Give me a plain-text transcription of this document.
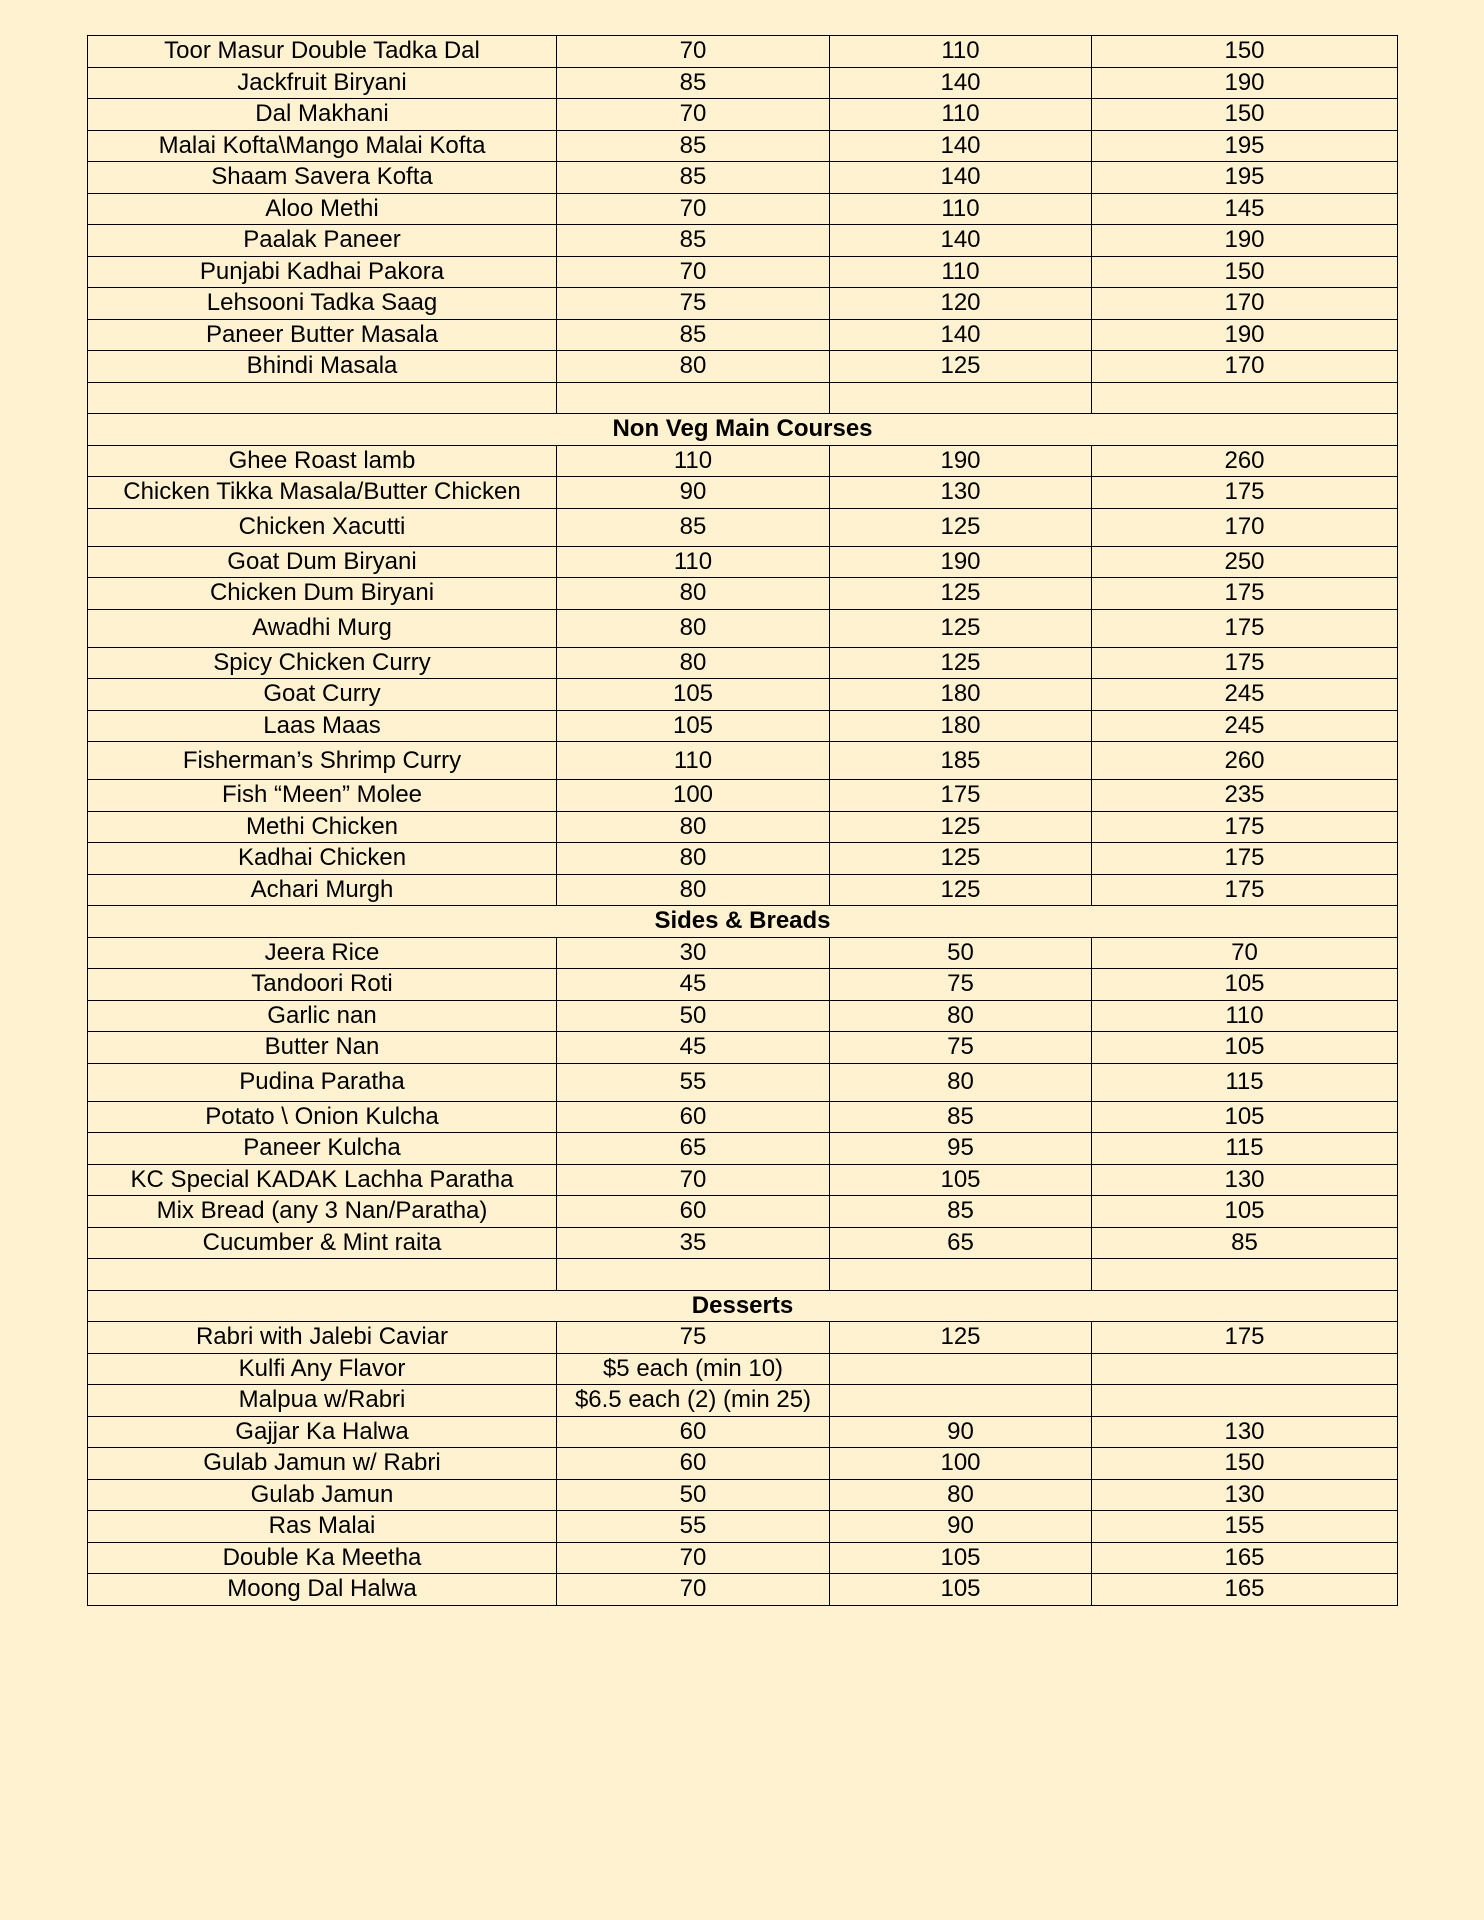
Toor Masur Double Tadka Dal	70	110	150
Jackfruit Biryani	85	140	190
Dal Makhani	70	110	150
Malai Kofta\Mango Malai Kofta	85	140	195
Shaam Savera Kofta	85	140	195
Aloo Methi	70	110	145
Paalak Paneer	85	140	190
Punjabi Kadhai Pakora	70	110	150
Lehsooni Tadka Saag	75	120	170
Paneer Butter Masala	85	140	190
Bhindi Masala	80	125	170

Non Veg Main Courses			
Ghee Roast lamb	110	190	260
Chicken Tikka Masala/Butter Chicken	90	130	175
Chicken Xacutti	85	125	170
Goat Dum Biryani	110	190	250
Chicken Dum Biryani	80	125	175
Awadhi Murg	80	125	175
Spicy Chicken Curry	80	125	175
Goat Curry	105	180	245
Laas Maas	105	180	245
Fisherman’s Shrimp Curry	110	185	260
Fish “Meen” Molee	100	175	235
Methi Chicken	80	125	175
Kadhai Chicken	80	125	175
Achari Murgh	80	125	175
Sides & Breads			
Jeera Rice	30	50	70
Tandoori Roti	45	75	105
Garlic nan	50	80	110
Butter Nan	45	75	105
Pudina Paratha	55	80	115
Potato \ Onion Kulcha	60	85	105
Paneer Kulcha	65	95	115
KC Special KADAK Lachha Paratha	70	105	130
Mix Bread (any 3 Nan/Paratha)	60	85	105
Cucumber & Mint raita	35	65	85

Desserts			
Rabri with Jalebi Caviar	75	125	175
Kulfi Any Flavor	$5 each (min 10)		
Malpua w/Rabri	$6.5 each (2) (min 25)		
Gajjar Ka Halwa	60	90	130
Gulab Jamun w/ Rabri	60	100	150
Gulab Jamun	50	80	130
Ras Malai	55	90	155
Double Ka Meetha	70	105	165
Moong Dal Halwa	70	105	165
